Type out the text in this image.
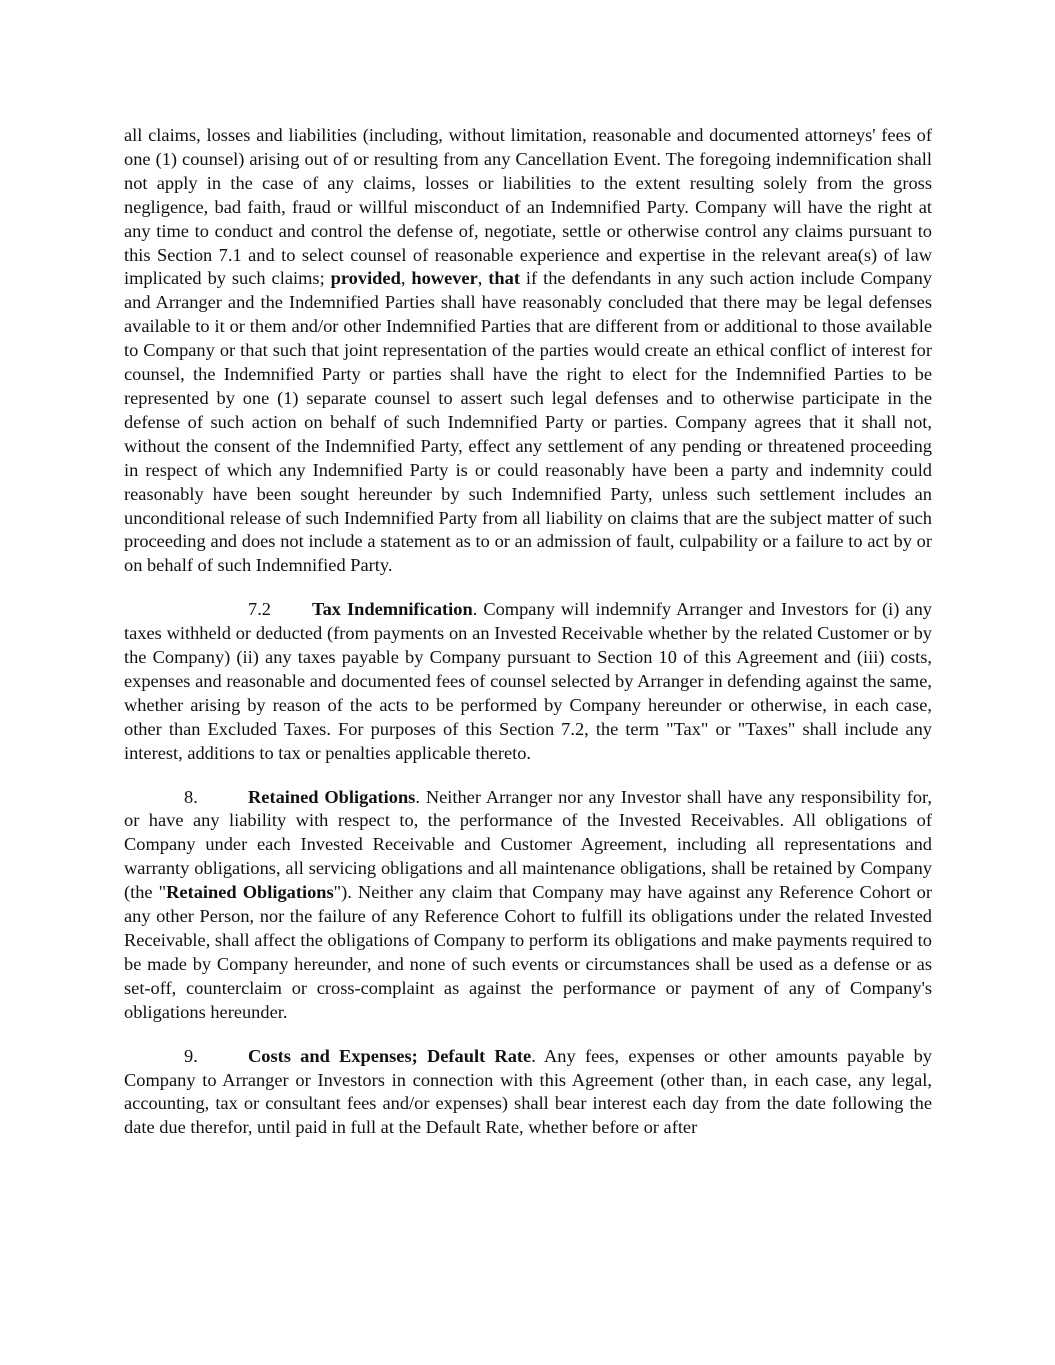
all claims, losses and liabilities (including, without limitation, reasonable and documented attorneys' fees of one (1) counsel) arising out of or resulting from any Cancellation Event. The foregoing indemnification shall not apply in the case of any claims, losses or liabilities to the extent resulting solely from the gross negligence, bad faith, fraud or willful misconduct of an Indemnified Party. Company will have the right at any time to conduct and control the defense of, negotiate, settle or otherwise control any claims pursuant to this Section 7.1 and to select counsel of reasonable experience and expertise in the relevant area(s) of law implicated by such claims; provided, however, that if the defendants in any such action include Company and Arranger and the Indemnified Parties shall have reasonably concluded that there may be legal defenses available to it or them and/or other Indemnified Parties that are different from or additional to those available to Company or that such that joint representation of the parties would create an ethical conflict of interest for counsel, the Indemnified Party or parties shall have the right to elect for the Indemnified Parties to be represented by one (1) separate counsel to assert such legal defenses and to otherwise participate in the defense of such action on behalf of such Indemnified Party or parties. Company agrees that it shall not, without the consent of the Indemnified Party, effect any settlement of any pending or threatened proceeding in respect of which any Indemnified Party is or could reasonably have been a party and indemnity could reasonably have been sought hereunder by such Indemnified Party, unless such settlement includes an unconditional release of such Indemnified Party from all liability on claims that are the subject matter of such proceeding and does not include a statement as to or an admission of fault, culpability or a failure to act by or on behalf of such Indemnified Party.

7.2 Tax Indemnification. Company will indemnify Arranger and Investors for (i) any taxes withheld or deducted (from payments on an Invested Receivable whether by the related Customer or by the Company) (ii) any taxes payable by Company pursuant to Section 10 of this Agreement and (iii) costs, expenses and reasonable and documented fees of counsel selected by Arranger in defending against the same, whether arising by reason of the acts to be performed by Company hereunder or otherwise, in each case, other than Excluded Taxes. For purposes of this Section 7.2, the term "Tax" or "Taxes" shall include any interest, additions to tax or penalties applicable thereto.

8.	Retained Obligations. Neither Arranger nor any Investor shall have any responsibility for, or have any liability with respect to, the performance of the Invested Receivables. All obligations of Company under each Invested Receivable and Customer Agreement, including all representations and warranty obligations, all servicing obligations and all maintenance obligations, shall be retained by Company (the "Retained Obligations"). Neither any claim that Company may have against any Reference Cohort or any other Person, nor the failure of any Reference Cohort to fulfill its obligations under the related Invested Receivable, shall affect the obligations of Company to perform its obligations and make payments required to be made by Company hereunder, and none of such events or circumstances shall be used as a defense or as set-off, counterclaim or cross-complaint as against the performance or payment of any of Company's obligations hereunder.

9.	Costs and Expenses; Default Rate. Any fees, expenses or other amounts payable by Company to Arranger or Investors in connection with this Agreement (other than, in each case, any legal, accounting, tax or consultant fees and/or expenses) shall bear interest each day from the date following the date due therefor, until paid in full at the Default Rate, whether before or after
